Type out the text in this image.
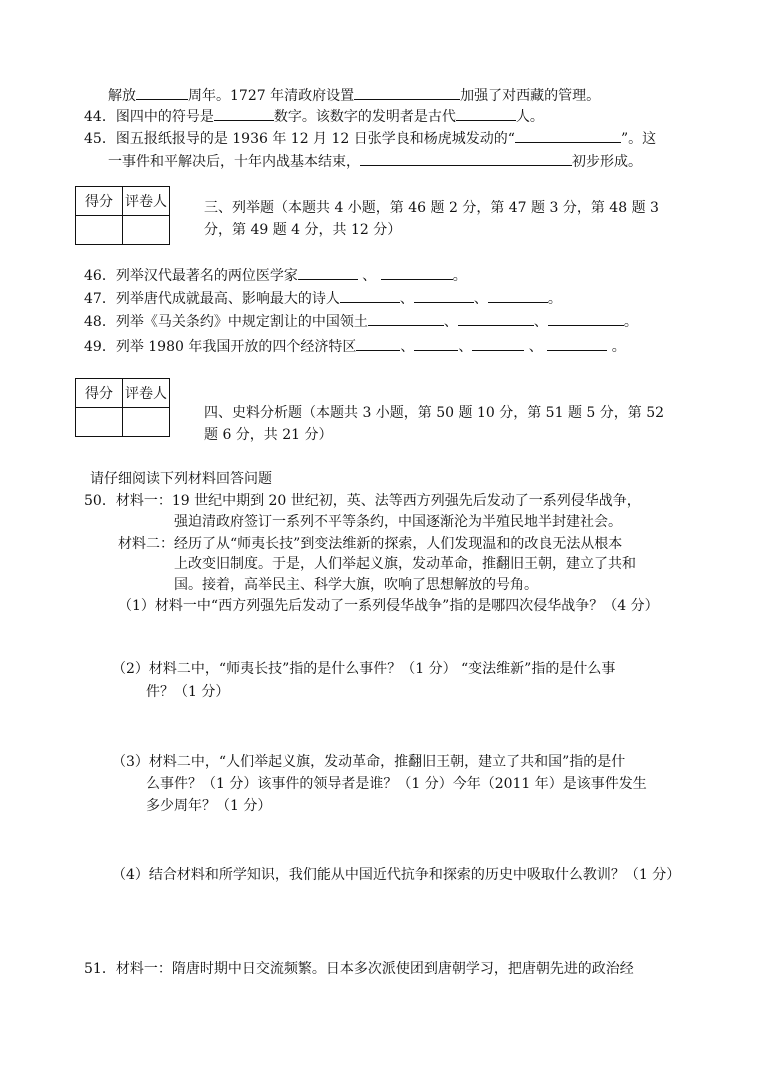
解放	周年。1727 年清政府设置	加强了对西藏的管理。
44．图四中的符号是	数字。该数字的发明者是古代	人。
45．图五报纸报导的是 1936 年 12 月 12 日张学良和杨虎城发动的“	”。这
一事件和平解决后，十年内战基本结束，	初步形成。
得分	评卷人
		三、列举题（本题共 4 小题，第 46 题 2 分，第 47 题 3 分，第 48 题 3
分，第 49 题 4 分，共 12 分）
46．列举汉代最著名的两位医学家	、	。
47．列举唐代成就最高、影响最大的诗人	、	、	。
48．列举《马关条约》中规定割让的中国领土	、	、	。
49．列举 1980 年我国开放的四个经济特区	、	、	、	。
得分	评卷人

四、史料分析题（本题共 3 小题，第 50 题 10 分，第 51 题 5 分，第 52
题 6 分，共 21 分）
请仔细阅读下列材料回答问题
50．材料一：19 世纪中期到 20 世纪初，英、法等西方列强先后发动了一系列侵华战争，
强迫清政府签订一系列不平等条约，中国逐渐沦为半殖民地半封建社会。
材料二：经历了从“师夷长技”到变法维新的探索，人们发现温和的改良无法从根本
上改变旧制度。于是，人们举起义旗，发动革命，推翻旧王朝，建立了共和
国。接着，高举民主、科学大旗，吹响了思想解放的号角。
（1）材料一中“西方列强先后发动了一系列侵华战争”指的是哪四次侵华战争？（4 分）
（2）材料二中，“师夷长技”指的是什么事件？（1 分） “变法维新”指的是什么事
件？（1 分）
（3）材料二中，“人们举起义旗，发动革命，推翻旧王朝，建立了共和国”指的是什
么事件？（1 分）该事件的领导者是谁？（1 分）今年（2011 年）是该事件发生
多少周年？（1 分）
（4）结合材料和所学知识，我们能从中国近代抗争和探索的历史中吸取什么教训？（1 分）
51．材料一：隋唐时期中日交流频繁。日本多次派使团到唐朝学习，把唐朝先进的政治经
